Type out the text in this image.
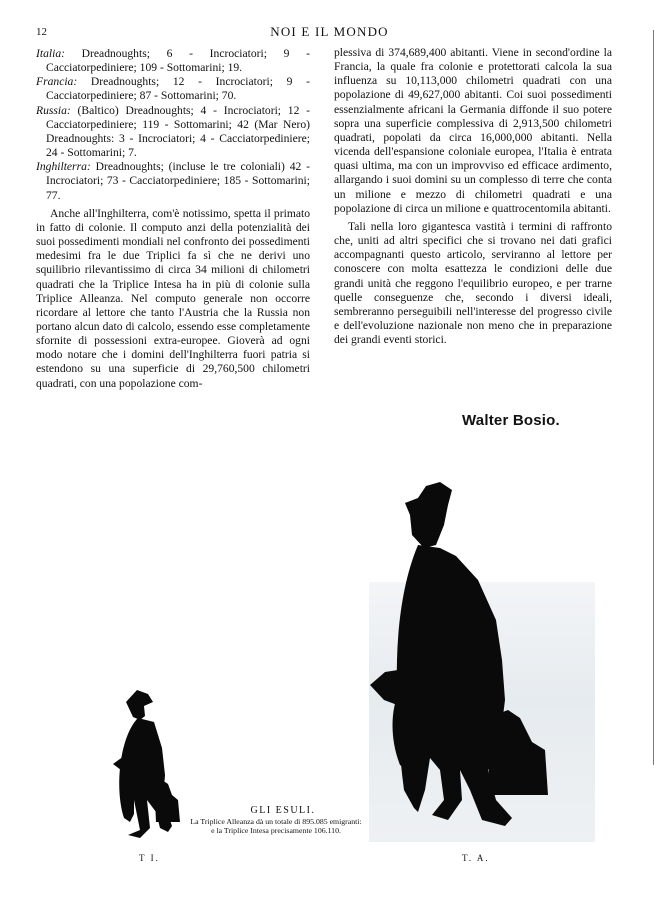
12	NOI E IL MONDO

Italia: Dreadnoughts; 6 - Incrociatori; 9 - Cacciatorpediniere; 109 - Sottomarini; 19.

Francia: Dreadnoughts; 12 - Incrociatori; 9 - Cacciatorpediniere; 87 - Sottomarini; 70.

Russia: (Baltico) Dreadnoughts; 4 - Incrociatori; 12 - Cacciatorpediniere; 119 - Sottomarini; 42 (Mar Nero) Dreadnoughts: 3 - Incrociatori; 4 - Cacciatorpediniere; 24 - Sottomarini; 7.

Inghilterra: Dreadnoughts; (incluse le tre coloniali) 42 - Incrociatori; 73 - Cacciatorpediniere; 185 - Sottomarini; 77.

Anche all'Inghilterra, com'è notissimo, spetta il primato in fatto di colonie. Il computo anzi della potenzialità dei suoi possedimenti mondiali nel confronto dei possedimenti medesimi fra le due Triplici fa sì che ne derivi uno squilibrio rilevantissimo di circa 34 milioni di chilometri quadrati che la Triplice Intesa ha in più di colonie sulla Triplice Alleanza. Nel computo generale non occorre ricordare al lettore che tanto l'Austria che la Russia non portano alcun dato di calcolo, essendo esse completamente sfornite di possessioni extra-europee. Gioverà ad ogni modo notare che i domini dell'Inghilterra fuori patria si estendono su una superficie di 29,760,500 chilometri quadrati, con una popolazione com-

plessiva di 374,689,400 abitanti. Viene in second'ordine la Francia, la quale fra colonie e protettorati calcola la sua influenza su 10,113,000 chilometri quadrati con una popolazione di 49,627,000 abitanti. Coi suoi possedimenti essenzialmente africani la Germania diffonde il suo potere sopra una superficie complessiva di 2,913,500 chilometri quadrati, popolati da circa 16,000,000 abitanti. Nella vicenda dell'espansione coloniale europea, l'Italia è entrata quasi ultima, ma con un improvviso ed efficace ardimento, allargando i suoi domini su un complesso di terre che conta un milione e mezzo di chilometri quadrati e una popolazione di circa un milione e quattrocentomila abitanti.

Tali nella loro gigantesca vastità i termini di raffronto che, uniti ad altri specifici che si trovano nei dati grafici accompagnanti questo articolo, serviranno al lettore per conoscere con molta esattezza le condizioni delle due grandi unità che reggono l'equilibrio europeo, e per trarne quelle conseguenze che, secondo i diversi ideali, sembreranno perseguibili nell'interesse del progresso civile e dell'evoluzione nazionale non meno che in preparazione dei grandi eventi storici.

Walter Bosio.
GLI ESULI.
La Triplice Alleanza dà un totale di 895.085 emigranti: e la Triplice Intesa precisamente 106.110.
T I.	T. A.
